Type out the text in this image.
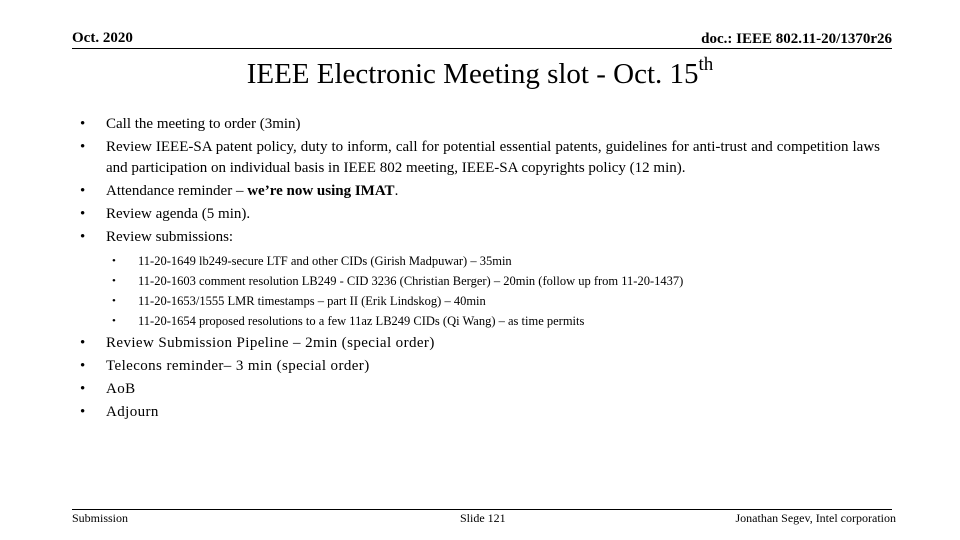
Oct. 2020	doc.: IEEE 802.11-20/1370r26
IEEE Electronic Meeting slot - Oct. 15th
•	Call the meeting to order (3min)
•	Review IEEE-SA patent policy, duty to inform, call for potential essential patents, guidelines for anti-trust and competition laws and participation on individual basis in IEEE 802 meeting, IEEE-SA copyrights policy (12 min).
•	Attendance reminder – we’re now using IMAT.
•	Review agenda (5 min).
•	Review submissions:
•	11-20-1649 lb249-secure LTF and other CIDs (Girish Madpuwar) – 35min
•	11-20-1603 comment resolution LB249 - CID 3236 (Christian Berger) – 20min (follow up from 11-20-1437)
•	11-20-1653/1555 LMR timestamps – part II (Erik Lindskog) – 40min
•	11-20-1654 proposed resolutions to a few 11az LB249 CIDs (Qi Wang) – as time permits
•	Review Submission Pipeline – 2min (special order)
•	Telecons reminder– 3 min (special order)
•	AoB
•	Adjourn
Submission	Slide 121	Jonathan Segev, Intel corporation
